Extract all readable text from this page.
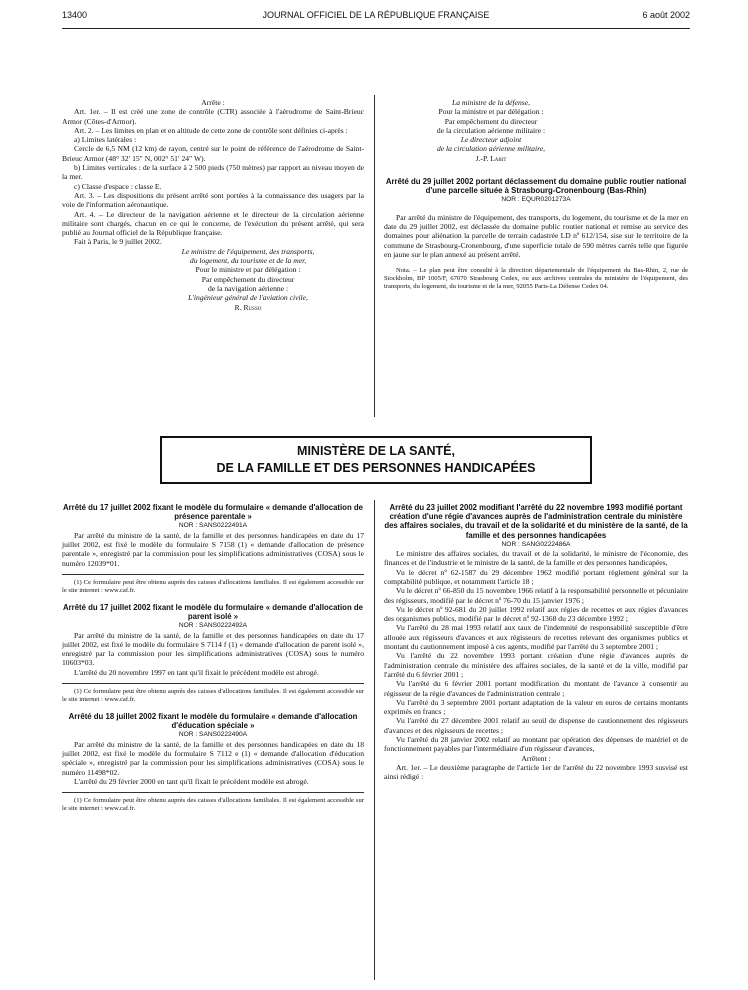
13400	JOURNAL OFFICIEL DE LA RÉPUBLIQUE FRANÇAISE	6 août 2002

Arrête :

Art. 1er. – Il est créé une zone de contrôle (CTR) associée à l'aérodrome de Saint-Brieuc Armor (Côtes-d'Armor).

Art. 2. – Les limites en plan et en altitude de cette zone de contrôle sont définies ci-après :

a) Limites latérales :

Cercle de 6,5 NM (12 km) de rayon, centré sur le point de référence de l'aérodrome de Saint-Brieuc Armor (48° 32′ 15″ N, 002° 51′ 24″ W).

b) Limites verticales : de la surface à 2 500 pieds (750 mètres) par rapport au niveau moyen de la mer.

c) Classe d'espace : classe E.

Art. 3. – Les dispositions du présent arrêté sont portées à la connaissance des usagers par la voie de l'information aéronautique.

Art. 4. – Le directeur de la navigation aérienne et le directeur de la circulation aérienne militaire sont chargés, chacun en ce qui le concerne, de l'exécution du présent arrêté, qui sera publié au Journal officiel de la République française.

Fait à Paris, le 9 juillet 2002.

Le ministre de l'équipement, des transports,

du logement, du tourisme et de la mer,

Pour le ministre et par délégation :

Par empêchement du directeur

de la navigation aérienne :

L'ingénieur général de l'aviation civile,

R. Russo

La ministre de la défense,

Pour la ministre et par délégation :

Par empêchement du directeur

de la circulation aérienne militaire :

Le directeur adjoint

de la circulation aérienne militaire,

J.-P. Labit

Arrêté du 29 juillet 2002 portant déclassement du domaine public routier national d'une parcelle située à Strasbourg-Cronenbourg (Bas-Rhin)

NOR : EQUR0201273A

Par arrêté du ministre de l'équipement, des transports, du logement, du tourisme et de la mer en date du 29 juillet 2002, est déclassée du domaine public routier national et remise au service des domaines pour aliénation la parcelle de terrain cadastrée LD nº 612/154, sise sur le territoire de la commune de Strasbourg-Cronenbourg, d'une superficie totale de 590 mètres carrés telle que figurée en jaune sur le plan annexé au présent arrêté.

Nota. – Le plan peut être consulté à la direction départementale de l'équipement du Bas-Rhin, 2, rue de Stockholm, BP 1005/F, 67070 Strasbourg Cedex, ou aux archives centrales du ministère de l'équipement, des transports, du logement, du tourisme et de la mer, 92055 Paris-La Défense Cedex 04.

MINISTÈRE DE LA SANTÉ,
DE LA FAMILLE ET DES PERSONNES HANDICAPÉES

Arrêté du 17 juillet 2002 fixant le modèle du formulaire « demande d'allocation de présence parentale »

NOR : SANS0222491A

Par arrêté du ministre de la santé, de la famille et des personnes handicapées en date du 17 juillet 2002, est fixé le modèle du formulaire S 7158 (1) « demande d'allocation de présence parentale », enregistré par la commission pour les simplifications administratives (COSA) sous le numéro 12039*01.

(1) Ce formulaire peut être obtenu auprès des caisses d'allocations familiales. Il est également accessible sur le site internet : www.caf.fr.

Arrêté du 17 juillet 2002 fixant le modèle du formulaire « demande d'allocation de parent isolé »

NOR : SANS0222492A

Par arrêté du ministre de la santé, de la famille et des personnes handicapées en date du 17 juillet 2002, est fixé le modèle du formulaire S 7114 f (1) « demande d'allocation de parent isolé », enregistré par la commission pour les simplifications administratives (COSA) sous le numéro 10603*03.

L'arrêté du 20 novembre 1997 en tant qu'il fixait le précédent modèle est abrogé.

(1) Ce formulaire peut être obtenu auprès des caisses d'allocations familiales. Il est également accessible sur le site internet : www.caf.fr.

Arrêté du 18 juillet 2002 fixant le modèle du formulaire « demande d'allocation d'éducation spéciale »

NOR : SANS0222490A

Par arrêté du ministre de la santé, de la famille et des personnes handicapées en date du 18 juillet 2002, est fixé le modèle du formulaire S 7112 e (1) « demande d'allocation d'éducation spéciale », enregistré par la commission pour les simplifications administratives (COSA) sous le numéro 11498*02.

L'arrêté du 29 février 2000 en tant qu'il fixait le précédent modèle est abrogé.

(1) Ce formulaire peut être obtenu auprès des caisses d'allocations familiales. Il est également accessible sur le site internet : www.caf.fr.

Arrêté du 23 juillet 2002 modifiant l'arrêté du 22 novembre 1993 modifié portant création d'une régie d'avances auprès de l'administration centrale du ministère des affaires sociales, du travail et de la solidarité et du ministère de la santé, de la famille et des personnes handicapées

NOR : SANG0222486A

Le ministre des affaires sociales, du travail et de la solidarité, le ministre de l'économie, des finances et de l'industrie et le ministre de la santé, de la famille et des personnes handicapées,

Vu le décret nº 62-1587 du 29 décembre 1962 modifié portant règlement général sur la comptabilité publique, et notamment l'article 18 ;

Vu le décret nº 66-850 du 15 novembre 1966 relatif à la responsabilité personnelle et pécuniaire des régisseurs, modifié par le décret nº 76-70 du 15 janvier 1976 ;

Vu le décret nº 92-681 du 20 juillet 1992 relatif aux régies de recettes et aux régies d'avances des organismes publics, modifié par le décret nº 92-1368 du 23 décembre 1992 ;

Vu l'arrêté du 28 mai 1993 relatif aux taux de l'indemnité de responsabilité susceptible d'être allouée aux régisseurs d'avances et aux régisseurs de recettes relevant des organismes publics et montant du cautionnement imposé à ces agents, modifié par l'arrêté du 3 septembre 2001 ;

Vu l'arrêté du 22 novembre 1993 portant création d'une régie d'avances auprès de l'administration centrale du ministère des affaires sociales, de la santé et de la ville, modifié par l'arrêté du 6 février 2001 ;

Vu l'arrêté du 6 février 2001 portant modification du montant de l'avance à consentir au régisseur de la régie d'avances de l'administration centrale ;

Vu l'arrêté du 3 septembre 2001 portant adaptation de la valeur en euros de certains montants exprimés en francs ;

Vu l'arrêté du 27 décembre 2001 relatif au seuil de dispense de cautionnement des régisseurs d'avances et des régisseurs de recettes ;

Vu l'arrêté du 28 janvier 2002 relatif au montant par opération des dépenses de matériel et de fonctionnement payables par l'intermédiaire d'un régisseur d'avances,

Arrêtent :

Art. 1er. – Le deuxième paragraphe de l'article 1er de l'arrêté du 22 novembre 1993 susvisé est ainsi rédigé :
